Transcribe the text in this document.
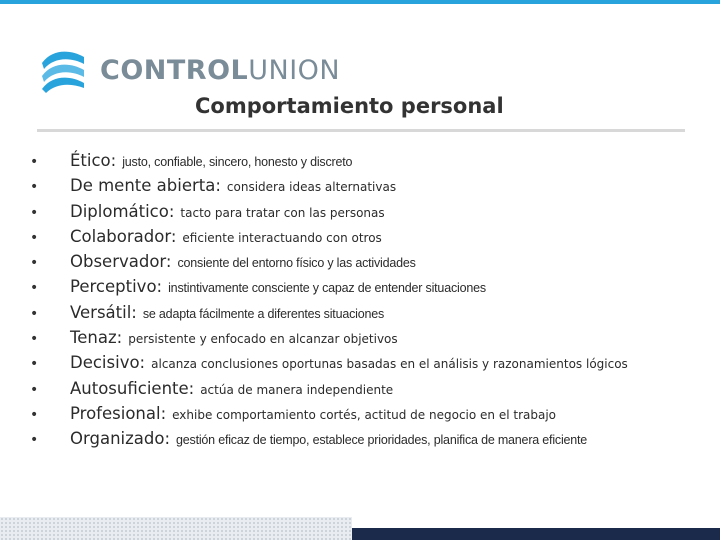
CONTROLUNION
Comportamiento personal
•	Ético: justo, confiable, sincero, honesto y discreto
•	De mente abierta: considera ideas alternativas
•	Diplomático: tacto para tratar con las personas
•	Colaborador: eficiente interactuando con otros
•	Observador: consiente del entorno físico y las actividades
•	Perceptivo: instintivamente consciente y capaz de entender situaciones
•	Versátil: se adapta fácilmente a diferentes situaciones
•	Tenaz: persistente y enfocado en alcanzar objetivos
•	Decisivo: alcanza conclusiones oportunas basadas en el análisis y razonamientos lógicos
•	Autosuficiente: actúa de manera independiente
•	Profesional: exhibe comportamiento cortés, actitud de negocio en el trabajo
•	Organizado: gestión eficaz de tiempo, establece prioridades, planifica de manera eficiente
